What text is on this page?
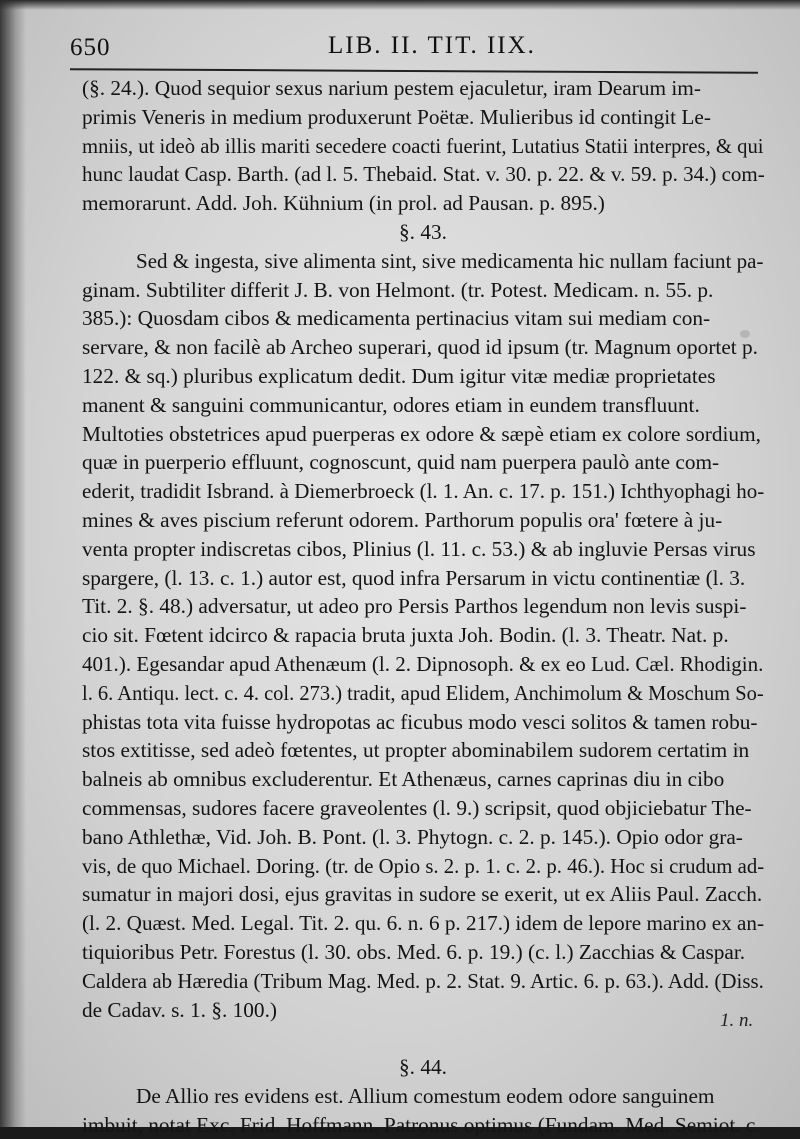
650	LIB. II. TIT. IIX.
(§. 24.). Quod sequior sexus narium pestem ejaculetur, iram Dearum im-
primis Veneris in medium produxerunt Poëtæ. Mulieribus id contingit Le-
mniis, ut ideò ab illis mariti secedere coacti fuerint, Lutatius Statii interpres, & qui
hunc laudat Casp. Barth. (ad l. 5. Thebaid. Stat. v. 30. p. 22. & v. 59. p. 34.) com-
memorarunt. Add. Joh. Kühnium (in prol. ad Pausan. p. 895.)
§. 43.
Sed & ingesta, sive alimenta sint, sive medicamenta hic nullam faciunt pa-
ginam. Subtiliter differit J. B. von Helmont. (tr. Potest. Medicam. n. 55. p.
385.): Quosdam cibos & medicamenta pertinacius vitam sui mediam con-
servare, & non facilè ab Archeo superari, quod id ipsum (tr. Magnum oportet p.
122. & sq.) pluribus explicatum dedit. Dum igitur vitæ mediæ proprietates
manent & sanguini communicantur, odores etiam in eundem transfluunt.
Multoties obstetrices apud puerperas ex odore & sæpè etiam ex colore sordium,
quæ in puerperio effluunt, cognoscunt, quid nam puerpera paulò ante com-
ederit, tradidit Isbrand. à Diemerbroeck (l. 1. An. c. 17. p. 151.) Ichthyophagi ho-
mines & aves piscium referunt odorem. Parthorum populis ora' fœtere à ju-
venta propter indiscretas cibos, Plinius (l. 11. c. 53.) & ab ingluvie Persas virus
spargere, (l. 13. c. 1.) autor est, quod infra Persarum in victu continentiæ (l. 3.
Tit. 2. §. 48.) adversatur, ut adeo pro Persis Parthos legendum non levis suspi-
cio sit. Fœtent idcirco & rapacia bruta juxta Joh. Bodin. (l. 3. Theatr. Nat. p.
401.). Egesandar apud Athenæum (l. 2. Dipnosoph. & ex eo Lud. Cæl. Rhodigin.
l. 6. Antiqu. lect. c. 4. col. 273.) tradit, apud Elidem, Anchimolum & Moschum So-
phistas tota vita fuisse hydropotas ac ficubus modo vesci solitos & tamen robu-
stos extitisse, sed adeò fœtentes, ut propter abominabilem sudorem certatim in
balneis ab omnibus excluderentur. Et Athenæus, carnes caprinas diu in cibo
commensas, sudores facere graveolentes (l. 9.) scripsit, quod objiciebatur The-
bano Athlethæ, Vid. Joh. B. Pont. (l. 3. Phytogn. c. 2. p. 145.). Opio odor gra-
vis, de quo Michael. Doring. (tr. de Opio s. 2. p. 1. c. 2. p. 46.). Hoc si crudum ad-
sumatur in majori dosi, ejus gravitas in sudore se exerit, ut ex Aliis Paul. Zacch.
(l. 2. Quæst. Med. Legal. Tit. 2. qu. 6. n. 6 p. 217.) idem de lepore marino ex an-
tiquioribus Petr. Forestus (l. 30. obs. Med. 6. p. 19.) (c. l.) Zacchias & Caspar.
Caldera ab Hæredia (Tribum Mag. Med. p. 2. Stat. 9. Artic. 6. p. 63.). Add. (Diss.
de Cadav. s. 1. §. 100.)
§. 44.
De Allio res evidens est. Allium comestum eodem odore sanguinem
imbuit, notat Exc. Frid. Hoffmann. Patronus optimus (Fundam. Med. Semiot. c.
1. n.
